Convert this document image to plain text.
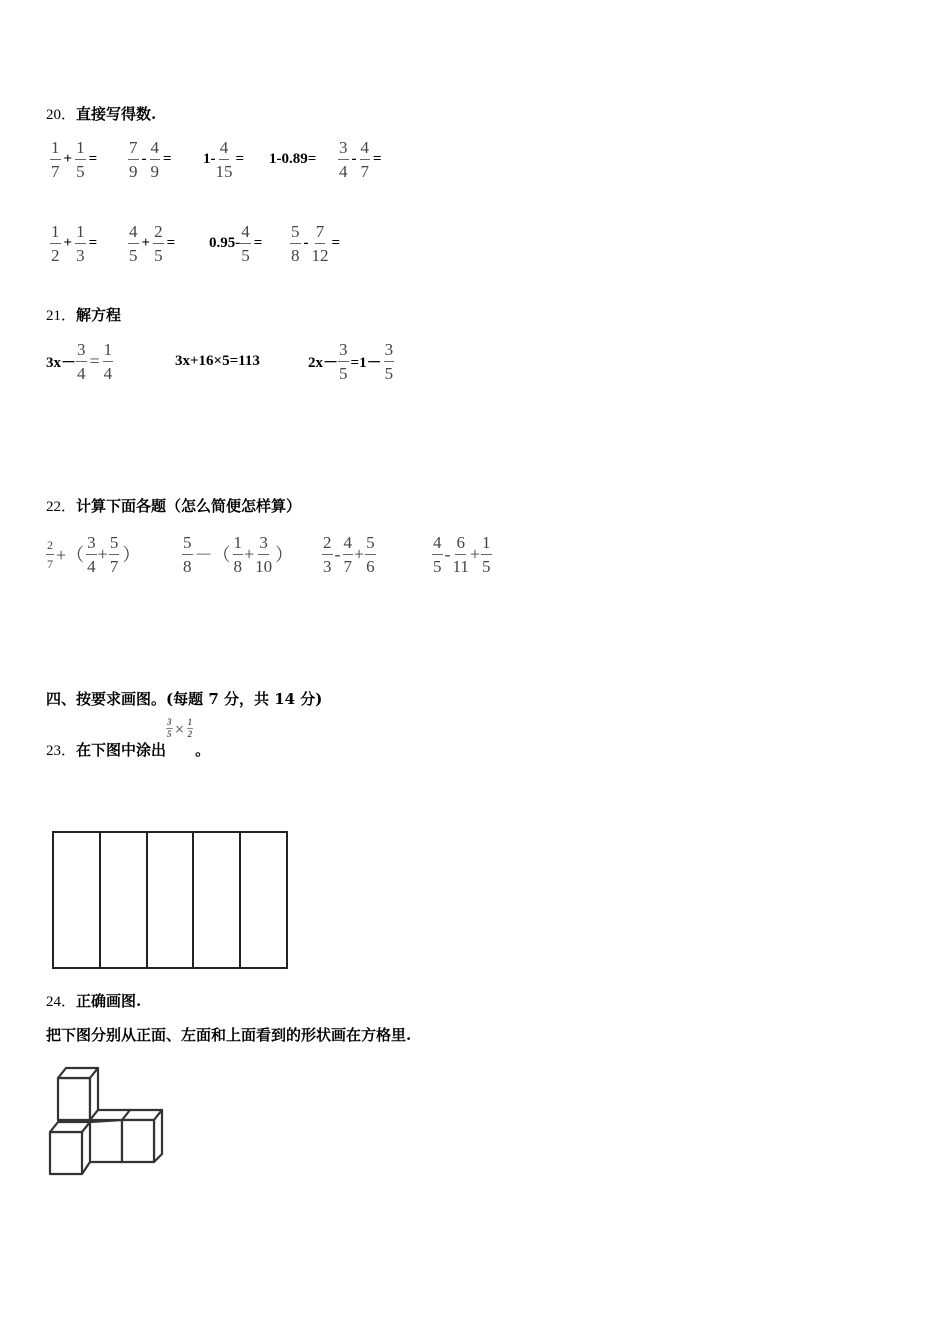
20．直接写得数.
$\frac{1}{7} + \frac{1}{5} = \frac{7}{9} - \frac{4}{9} = 1- \frac{4}{15} = 1-0.89= \frac{3}{4} - \frac{4}{7}$ =
$\frac{1}{2} + \frac{1}{3} = \frac{4}{5} + \frac{2}{5} = 0.95- \frac{4}{5} = \frac{5}{8} - \frac{7}{12}$ =
21．解方程
$3x- \frac{3}{4} = \frac{1}{4}$	3x+16×5=113	$2x- \frac{3}{5} =1- \frac{3}{5}$
22．计算下面各题（怎么简便怎样算）
$\frac{2}{7}$ +（ $\frac{3}{4} + \frac{5}{7}$ ） $\frac{5}{8}$ －（ $\frac{1}{8} + \frac{3}{10}$ ） $\frac{2}{3} - \frac{4}{7} + \frac{5}{6}$	$\frac{4}{5} - \frac{6}{11} + \frac{1}{5}$
四、按要求画图。(每题 7 分，共 14 分)
23． 在下图中涂出
$\frac{3}{5} \times \frac{1}{2}$
。
24．正确画图.
把下图分别从正面、左面和上面看到的形状画在方格里.
